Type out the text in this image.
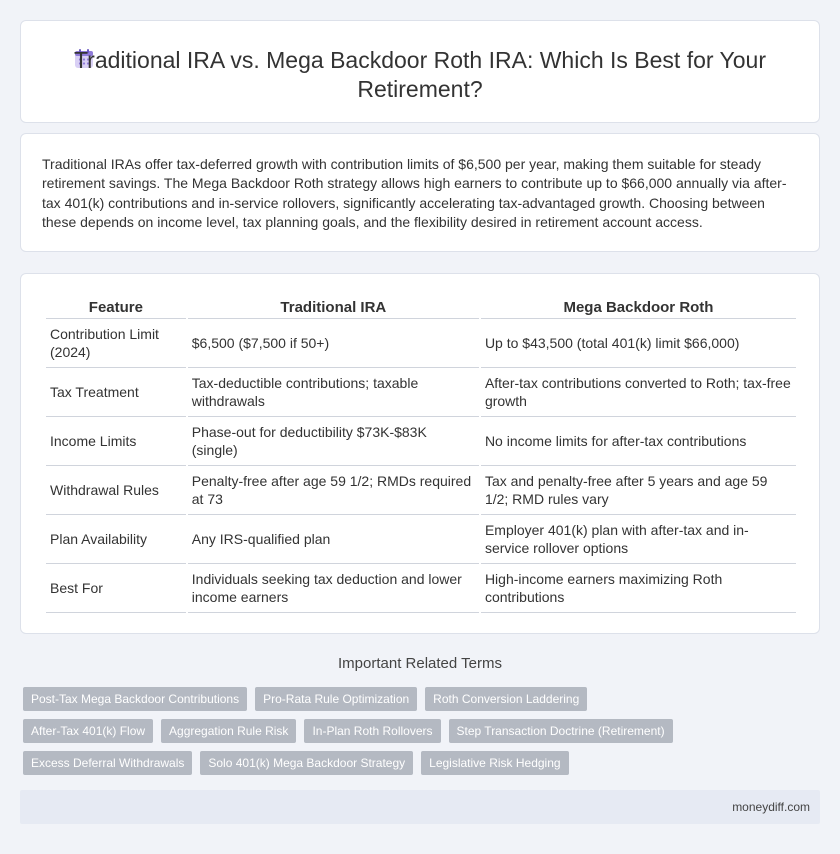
Traditional IRA vs. Mega Backdoor Roth IRA: Which Is Best for Your Retirement?

Traditional IRAs offer tax-deferred growth with contribution limits of $6,500 per year, making them suitable for steady retirement savings. The Mega Backdoor Roth strategy allows high earners to contribute up to $66,000 annually via after-tax 401(k) contributions and in-service rollovers, significantly accelerating tax-advantaged growth. Choosing between these depends on income level, tax planning goals, and the flexibility desired in retirement account access.

Feature	Traditional IRA	Mega Backdoor Roth
Contribution Limit (2024)	$6,500 ($7,500 if 50+)	Up to $43,500 (total 401(k) limit $66,000)
Tax Treatment	Tax-deductible contributions; taxable withdrawals	After-tax contributions converted to Roth; tax-free growth
Income Limits	Phase-out for deductibility $73K-$83K (single)	No income limits for after-tax contributions
Withdrawal Rules	Penalty-free after age 59 1/2; RMDs required at 73	Tax and penalty-free after 5 years and age 59 1/2; RMD rules vary
Plan Availability	Any IRS-qualified plan	Employer 401(k) plan with after-tax and in-service rollover options
Best For	Individuals seeking tax deduction and lower income earners	High-income earners maximizing Roth contributions
Important Related Terms
Post-Tax Mega Backdoor Contributions	Pro-Rata Rule Optimization	Roth Conversion Laddering
After-Tax 401(k) Flow	Aggregation Rule Risk	In-Plan Roth Rollovers	Step Transaction Doctrine (Retirement)
Excess Deferral Withdrawals	Solo 401(k) Mega Backdoor Strategy	Legislative Risk Hedging
moneydiff.com
